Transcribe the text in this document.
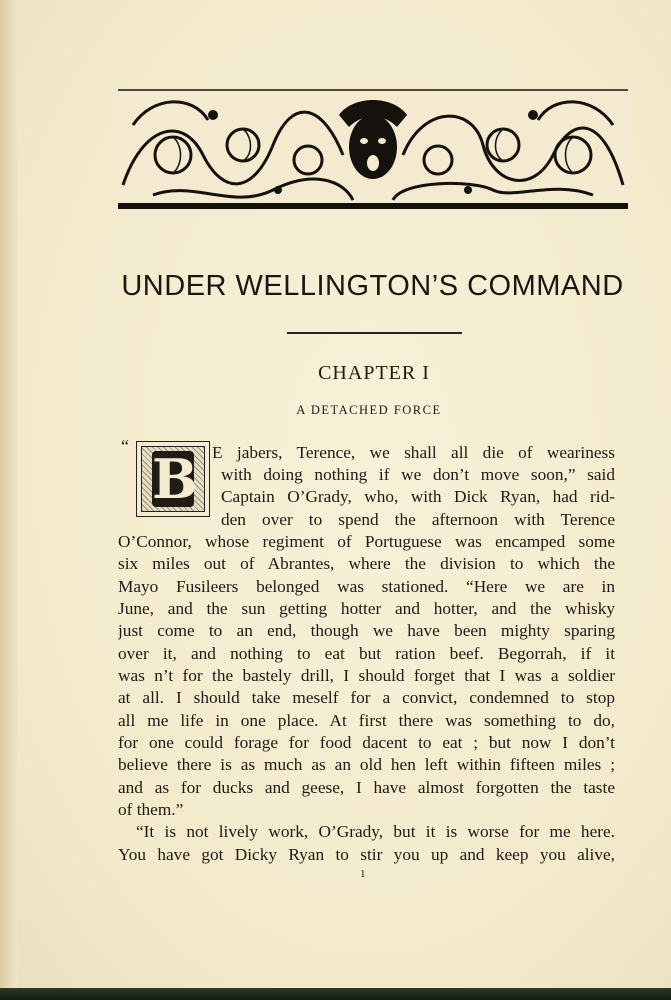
UNDER WELLINGTON’S COMMAND
CHAPTER I
A DETACHED FORCE
“
B E jabers, Terence, we shall all die of weariness
with doing nothing if we don’t move soon,” said
Captain O’Grady, who, with Dick Ryan, had rid-
den over to spend the afternoon with Terence
O’Connor, whose regiment of Portuguese was encamped some
six miles out of Abrantes, where the division to which the
Mayo Fusileers belonged was stationed. “Here we are in
June, and the sun getting hotter and hotter, and the whisky
just come to an end, though we have been mighty sparing
over it, and nothing to eat but ration beef. Begorrah, if it
was n’t for the bastely drill, I should forget that I was a soldier
at all. I should take meself for a convict, condemned to stop
all me life in one place. At first there was something to do,
for one could forage for food dacent to eat ; but now I don’t
believe there is as much as an old hen left within fifteen miles ;
and as for ducks and geese, I have almost forgotten the taste
of them.”
“It is not lively work, O’Grady, but it is worse for me here.
You have got Dicky Ryan to stir you up and keep you alive,
1
